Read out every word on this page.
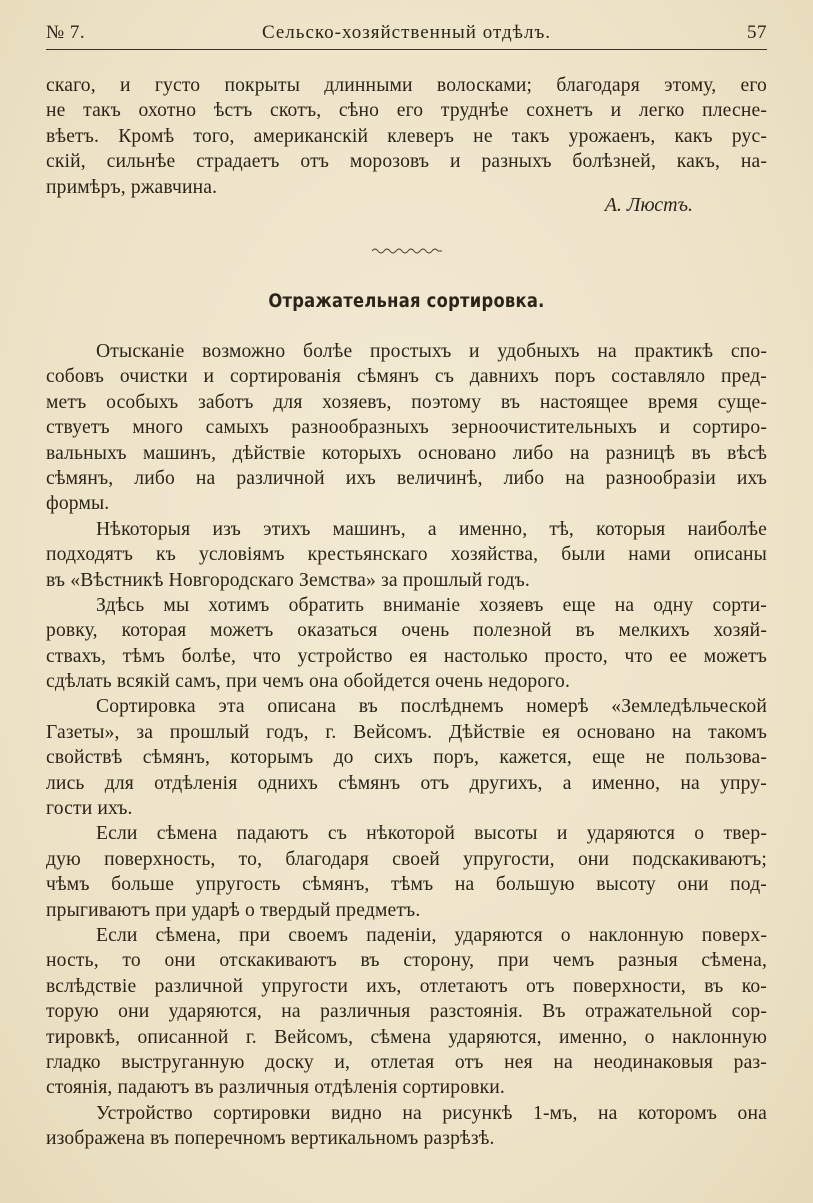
№ 7.	Сельско-хозяйственный отдѣлъ.	57
скаго, и густо покрыты длинными волосками; благодаря этому, его
не такъ охотно ѣстъ скотъ, сѣно его труднѣе сохнетъ и легко плесне-
вѣетъ. Кромѣ того, американскій клеверъ не такъ урожаенъ, какъ рус-
скій, сильнѣе страдаетъ отъ морозовъ и разныхъ болѣзней, какъ, на-
примѣръ, ржавчина.
А. Люстъ.
Отражательная сортировка.
Отысканіе возможно болѣе простыхъ и удобныхъ на практикѣ спо-
собовъ очистки и сортированія сѣмянъ съ давнихъ поръ составляло пред-
метъ особыхъ заботъ для хозяевъ, поэтому въ настоящее время суще-
ствуетъ много самыхъ разнообразныхъ зерноочистительныхъ и сортиро-
вальныхъ машинъ, дѣйствіе которыхъ основано либо на разницѣ въ вѣсѣ
сѣмянъ, либо на различной ихъ величинѣ, либо на разнообразіи ихъ
формы.
Нѣкоторыя изъ этихъ машинъ, а именно, тѣ, которыя наиболѣе
подходятъ къ условіямъ крестьянскаго хозяйства, были нами описаны
въ «Вѣстникѣ Новгородскаго Земства» за прошлый годъ.
Здѣсь мы хотимъ обратить вниманіе хозяевъ еще на одну сорти-
ровку, которая можетъ оказаться очень полезной въ мелкихъ хозяй-
ствахъ, тѣмъ болѣе, что устройство ея настолько просто, что ее можетъ
сдѣлать всякій самъ, при чемъ она обойдется очень недорого.
Сортировка эта описана въ послѣднемъ номерѣ «Земледѣльческой
Газеты», за прошлый годъ, г. Вейсомъ. Дѣйствіе ея основано на такомъ
свойствѣ сѣмянъ, которымъ до сихъ поръ, кажется, еще не пользова-
лись для отдѣленія однихъ сѣмянъ отъ другихъ, а именно, на упру-
гости ихъ.
Если сѣмена падаютъ съ нѣкоторой высоты и ударяются о твер-
дую поверхность, то, благодаря своей упругости, они подскакиваютъ;
чѣмъ больше упругость сѣмянъ, тѣмъ на большую высоту они под-
прыгиваютъ при ударѣ о твердый предметъ.
Если сѣмена, при своемъ паденіи, ударяются о наклонную поверх-
ность, то они отскакиваютъ въ сторону, при чемъ разныя сѣмена,
вслѣдствіе различной упругости ихъ, отлетаютъ отъ поверхности, въ ко-
торую они ударяются, на различныя разстоянія. Въ отражательной сор-
тировкѣ, описанной г. Вейсомъ, сѣмена ударяются, именно, о наклонную
гладко выструганную доску и, отлетая отъ нея на неодинаковыя раз-
стоянія, падаютъ въ различныя отдѣленія сортировки.
Устройство сортировки видно на рисункѣ 1-мъ, на которомъ она
изображена въ поперечномъ вертикальномъ разрѣзѣ.
